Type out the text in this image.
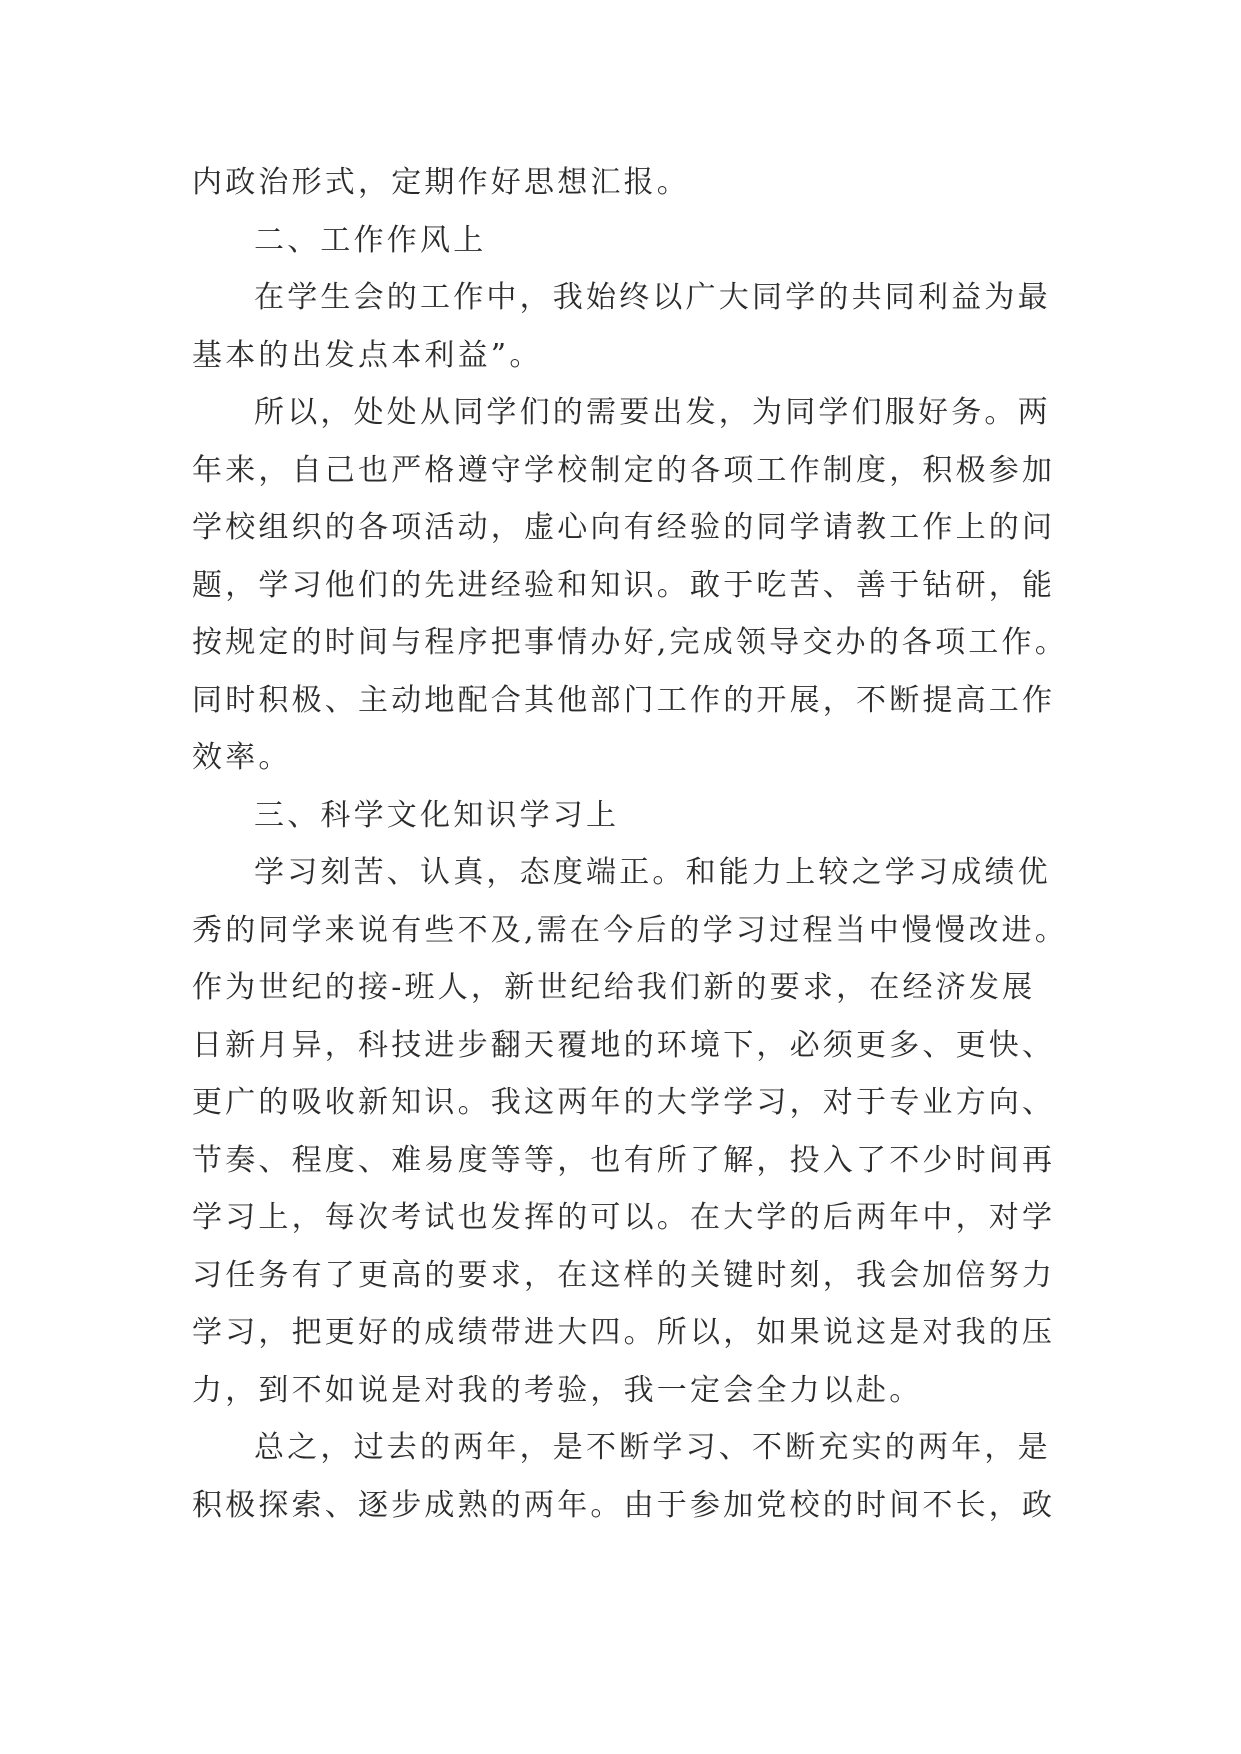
内政治形式，定期作好思想汇报。

二、工作作风上

在学生会的工作中，我始终以广大同学的共同利益为最
基本的出发点本利益”。

所以，处处从同学们的需要出发，为同学们服好务。两
年来，自己也严格遵守学校制定的各项工作制度，积极参加
学校组织的各项活动，虚心向有经验的同学请教工作上的问
题，学习他们的先进经验和知识。敢于吃苦、善于钻研，能
按规定的时间与程序把事情办好,完成领导交办的各项工作。
同时积极、主动地配合其他部门工作的开展，不断提高工作
效率。

三、科学文化知识学习上

学习刻苦、认真，态度端正。和能力上较之学习成绩优
秀的同学来说有些不及,需在今后的学习过程当中慢慢改进。
作为世纪的接-班人，新世纪给我们新的要求，在经济发展
日新月异，科技进步翻天覆地的环境下，必须更多、更快、
更广的吸收新知识。我这两年的大学学习，对于专业方向、
节奏、程度、难易度等等，也有所了解，投入了不少时间再
学习上，每次考试也发挥的可以。在大学的后两年中，对学
习任务有了更高的要求，在这样的关键时刻，我会加倍努力
学习，把更好的成绩带进大四。所以，如果说这是对我的压
力，到不如说是对我的考验，我一定会全力以赴。

总之，过去的两年，是不断学习、不断充实的两年，是
积极探索、逐步成熟的两年。由于参加党校的时间不长，政
